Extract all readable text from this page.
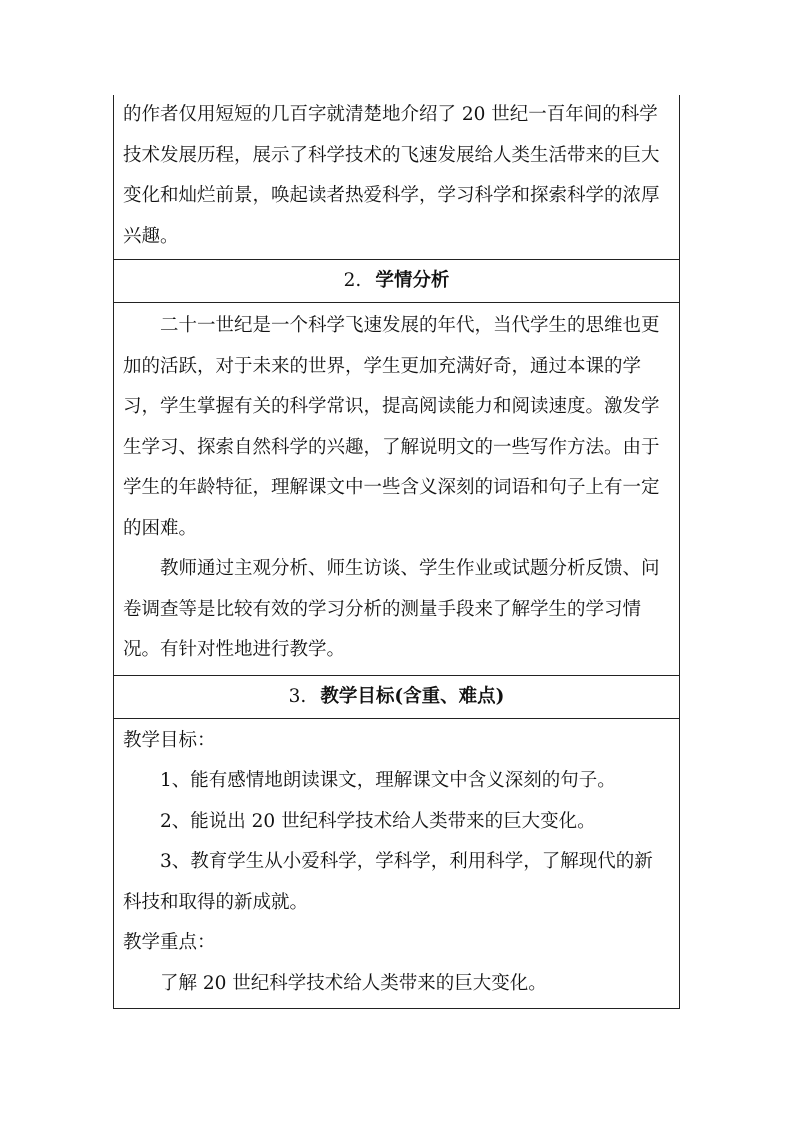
的作者仅用短短的几百字就清楚地介绍了 20 世纪一百年间的科学技术发展历程，展示了科学技术的飞速发展给人类生活带来的巨大变化和灿烂前景，唤起读者热爱科学，学习科学和探索科学的浓厚兴趣。

2. 学情分析

二十一世纪是一个科学飞速发展的年代，当代学生的思维也更加的活跃，对于未来的世界，学生更加充满好奇，通过本课的学习，学生掌握有关的科学常识，提高阅读能力和阅读速度。激发学生学习、探索自然科学的兴趣，了解说明文的一些写作方法。由于学生的年龄特征，理解课文中一些含义深刻的词语和句子上有一定的困难。

教师通过主观分析、师生访谈、学生作业或试题分析反馈、问卷调查等是比较有效的学习分析的测量手段来了解学生的学习情况。有针对性地进行教学。

3. 教学目标(含重、难点)

教学目标：

1、能有感情地朗读课文，理解课文中含义深刻的句子。

2、能说出 20 世纪科学技术给人类带来的巨大变化。

3、教育学生从小爱科学，学科学，利用科学，了解现代的新科技和取得的新成就。

教学重点：

了解 20 世纪科学技术给人类带来的巨大变化。
